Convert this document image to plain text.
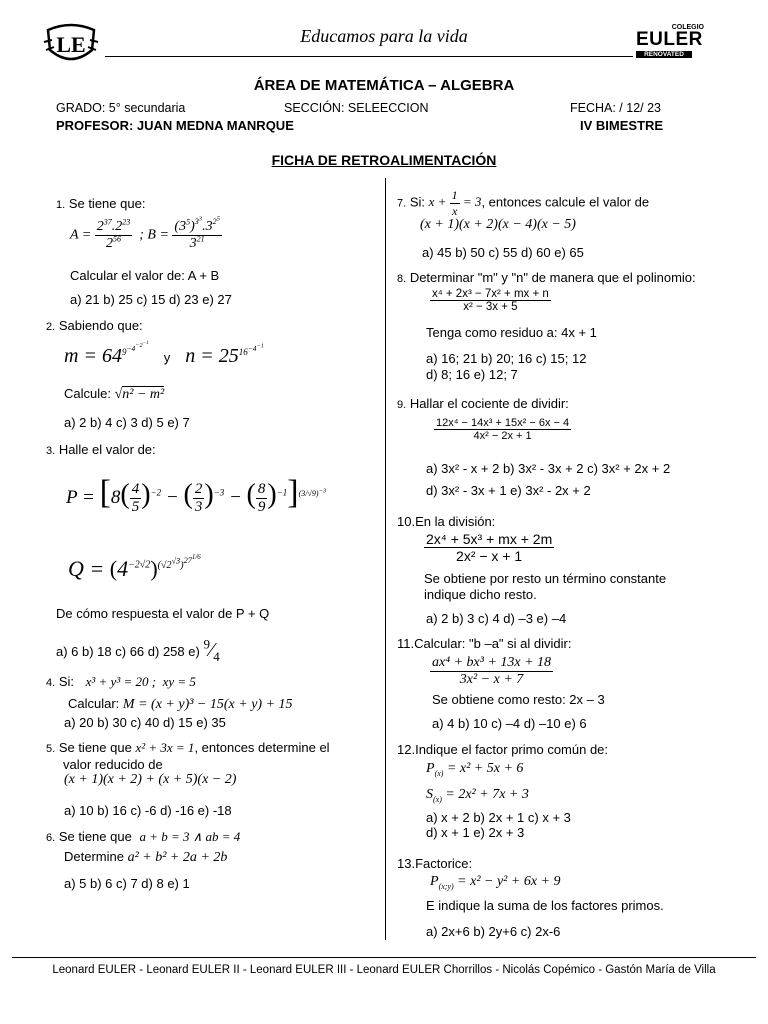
LE	Educamos para la vida	COLEGIO
EULER
RENOVATED
ÁREA DE MATEMÁTICA – ALGEBRA
GRADO: 5° secundaria	SECCIÓN: SELEECCION	FECHA: / 12/ 23
PROFESOR: JUAN MEDNA MANRQUE	IV BIMESTRE
FICHA DE RETROALIMENTACIÓN
1. Se tiene que:
$A = \frac{2^{37}.2^{23}}{2^{56}}$ ; $B = \frac{(3^5)^{3^3}.3^{2^5}}{3^{21}}$
Calcular el valor de: A + B
a) 21 b) 25 c) 15 d) 23 e) 27
2. Sabiendo que:
$m = 64^{9^{-4^{-2^{-1}}}}$ y $n = 25^{16^{-4^{-1}}}$
Calcule: √n² − m²
a) 2 b) 4 c) 3 d) 5 e) 7
3. Halle el valor de:
$P = [8( \frac{4}{5} )^{-2}$ − ( $\frac{2}{3} )^{-3}$ − ( $\frac{8}{9} )^{-1}]^{(3/√9)^{-3}}$
$Q = (4^{-2√2})^{(√2^{√3})^{27^{1/6}}}$
De cómo respuesta el valor de P + Q
a) 6 b) 18 c) 66 d) 258 e) $^9⁄_4$
4. Si: x³ + y³ = 20 ;  xy = 5
Calcular: M = (x + y)³ − 15(x + y) + 15
a) 20 b) 30 c) 40 d) 15 e) 35
5. Se tiene que x² + 3x = 1, entonces determine el
valor reducido de
(x + 1)(x + 2) + (x + 5)(x − 2)
a) 10 b) 16 c) -6 d) -16 e) -18
6. Se tiene que a + b = 3 ∧ ab = 4
Determine a² + b² + 2a + 2b
a) 5 b) 6 c) 7 d) 8 e) 1
7. Si: $x + \frac{1}{x} = 3$, entonces calcule el valor de
(x + 1)(x + 2)(x − 4)(x − 5)
a) 45 b) 50 c) 55 d) 60 e) 65
8. Determinar "m" y "n" de manera que el polinomio:
$\frac{\text{x⁴ + 2x³ − 7x² + mx + n}}{\text{x² − 3x + 5}}$
Tenga como residuo a: 4x + 1
a) 16; 21 b) 20; 16 c) 15; 12
d) 8; 16 e) 12; 7
9. Hallar el cociente de dividir:
$\frac{\text{12x⁴ − 14x³ + 15x² − 6x − 4}}{\text{4x² − 2x + 1}}$
a) 3x² - x + 2 b) 3x² - 3x + 2 c) 3x² + 2x + 2
d) 3x² - 3x + 1 e) 3x² - 2x + 2
10.En la división:
$\frac{\text{2x⁴ + 5x³ + mx + 2m}}{\text{2x² − x + 1}}$
Se obtiene por resto un término constante
indique dicho resto.
a) 2 b) 3 c) 4 d) –3 e) –4
11.Calcular: "b –a" si al dividir:
$\frac{\text{ax⁴ + bx³ + 13x + 18}}{\text{3x² − x + 7}}$
Se obtiene como resto: 2x – 3
a) 4 b) 10 c) –4 d) –10 e) 6
12.Indique el factor primo común de:
$P_{(x)} = x^2 + 5x + 6$
$S_{(x)} = 2x^2 + 7x + 3$
a) x + 2 b) 2x + 1 c) x + 3
d) x + 1 e) 2x + 3
13.Factorice:
$P_{(x;y)} = x^2 - y^2 + 6x + 9$
E indique la suma de los factores primos.
a) 2x+6 b) 2y+6 c) 2x-6
Leonard EULER - Leonard EULER II - Leonard EULER III - Leonard EULER Chorrillos - Nicolás Copémico - Gastón María de Villa
